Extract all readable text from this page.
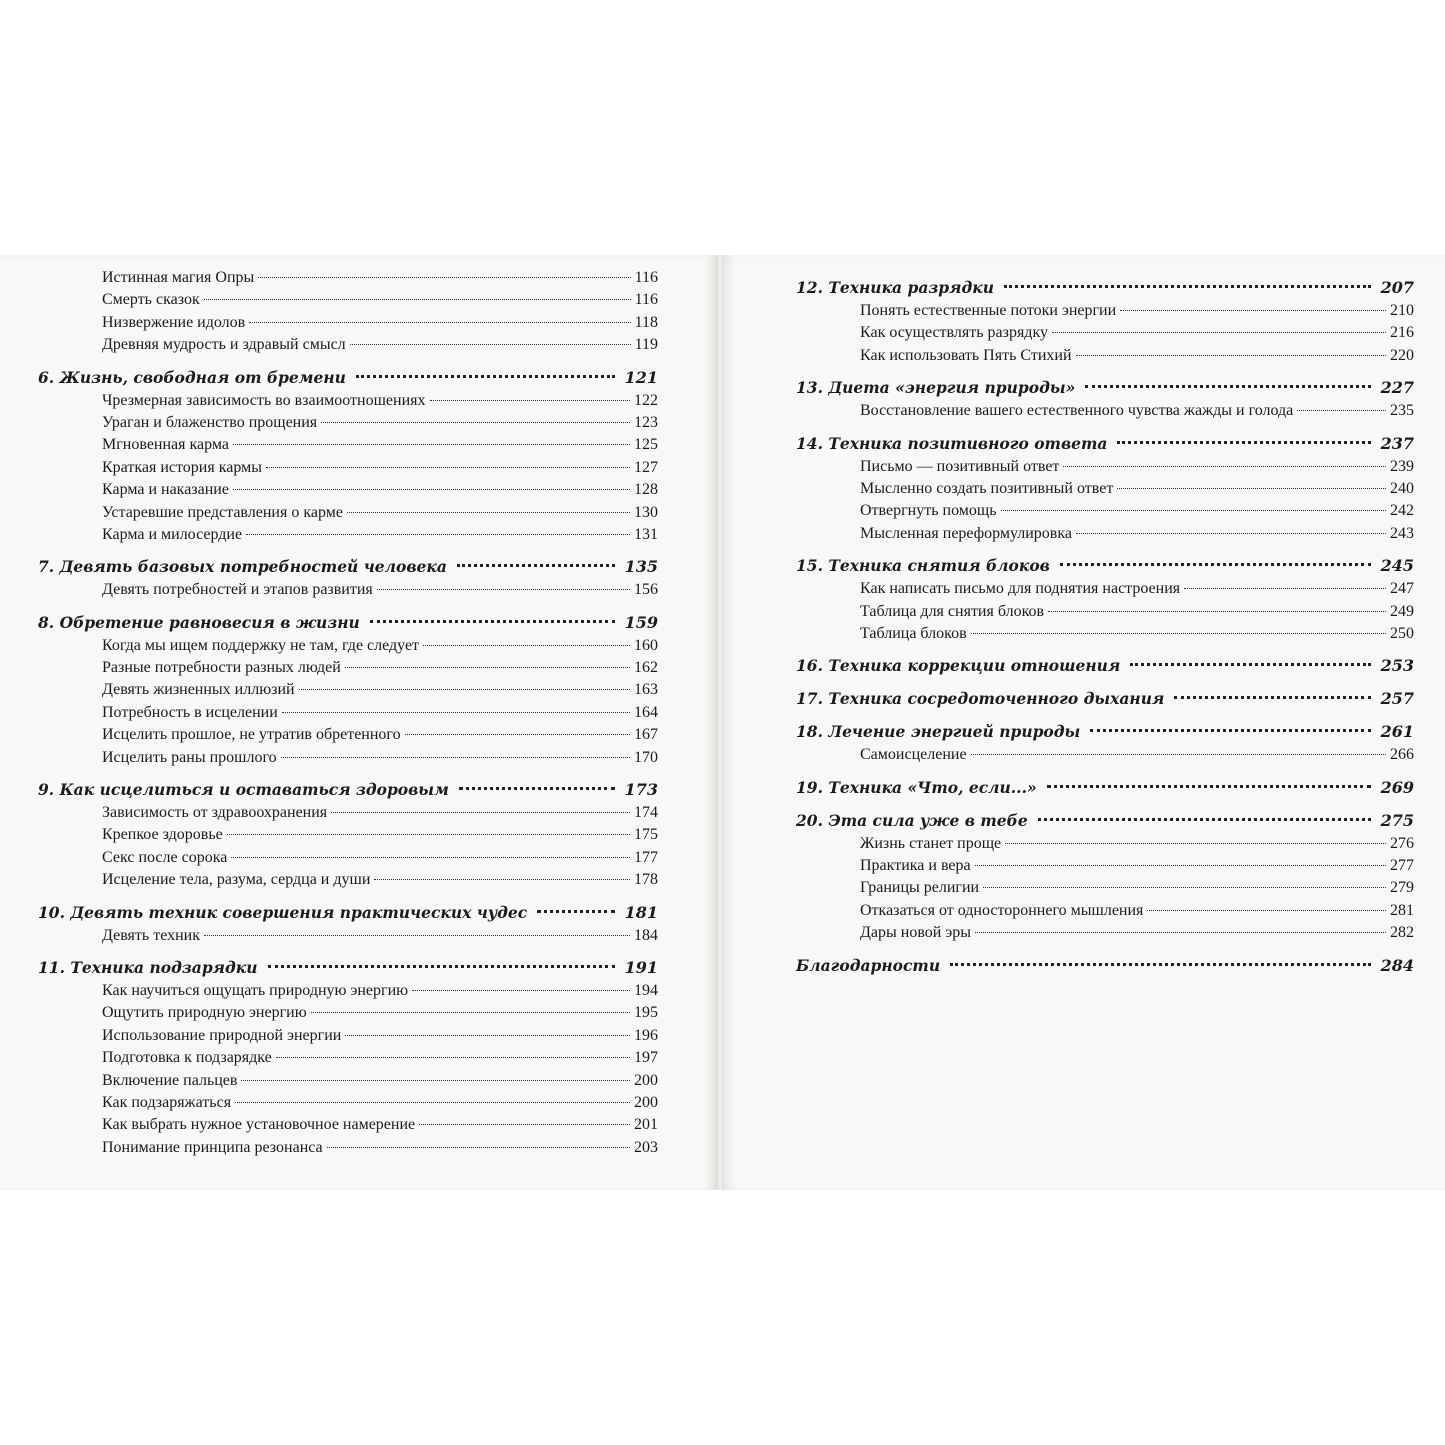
Истинная магия Опры	116
Смерть сказок	116
Низвержение идолов	118
Древняя мудрость и здравый смысл	119
6. Жизнь, свободная от бремени	121
Чрезмерная зависимость во взаимоотношениях	122
Ураган и блаженство прощения	123
Мгновенная карма	125
Краткая история кармы	127
Карма и наказание	128
Устаревшие представления о карме	130
Карма и милосердие	131
7. Девять базовых потребностей человека	135
Девять потребностей и этапов развития	156
8. Обретение равновесия в жизни	159
Когда мы ищем поддержку не там, где следует	160
Разные потребности разных людей	162
Девять жизненных иллюзий	163
Потребность в исцелении	164
Исцелить прошлое, не утратив обретенного	167
Исцелить раны прошлого	170
9. Как исцелиться и оставаться здоровым	173
Зависимость от здравоохранения	174
Крепкое здоровье	175
Секс после сорока	177
Исцеление тела, разума, сердца и души	178
10. Девять техник совершения практических чудес	181
Девять техник	184
11. Техника подзарядки	191
Как научиться ощущать природную энергию	194
Ощутить природную энергию	195
Использование природной энергии	196
Подготовка к подзарядке	197
Включение пальцев	200
Как подзаряжаться	200
Как выбрать нужное установочное намерение	201
Понимание принципа резонанса	203
12. Техника разрядки	207
Понять естественные потоки энергии	210
Как осуществлять разрядку	216
Как использовать Пять Стихий	220
13. Диета «энергия природы»	227
Восстановление вашего естественного чувства жажды и голода	235
14. Техника позитивного ответа	237
Письмо — позитивный ответ	239
Мысленно создать позитивный ответ	240
Отвергнуть помощь	242
Мысленная переформулировка	243
15. Техника снятия блоков	245
Как написать письмо для поднятия настроения	247
Таблица для снятия блоков	249
Таблица блоков	250
16. Техника коррекции отношения	253
17. Техника сосредоточенного дыхания	257
18. Лечение энергией природы	261
Самоисцеление	266
19. Техника «Что, если...»	269
20. Эта сила уже в тебе	275
Жизнь станет проще	276
Практика и вера	277
Границы религии	279
Отказаться от одностороннего мышления	281
Дары новой эры	282
Благодарности	284
